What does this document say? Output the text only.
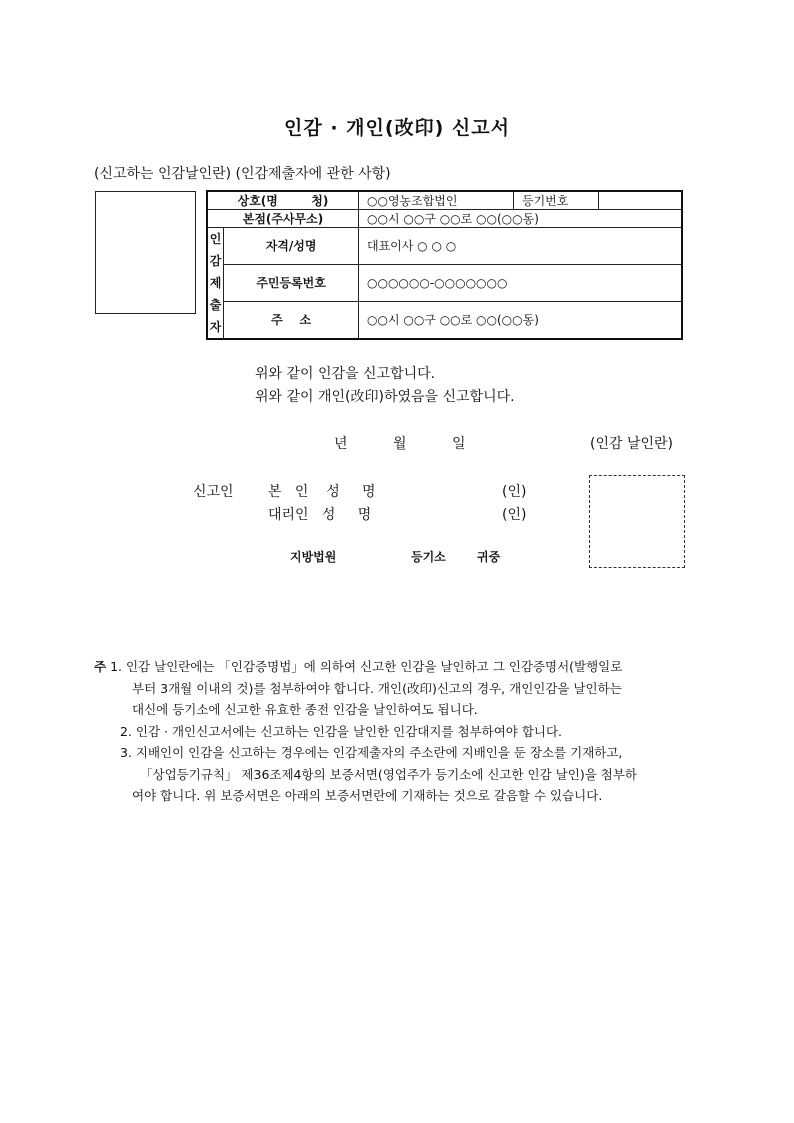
인감 · 개인(改印) 신고서
(신고하는 인감날인란) (인감제출자에 관한 사항)
상호(명        청)		○○영농조합법인	등기번호	
본점(주사무소)		○○시 ○○구 ○○로 ○○(○○동)		
인
감
제
출
자	자격/성명	대표이사 ○ ○ ○		
	주민등록번호	○○○○○○-○○○○○○○		
	주    소	○○시 ○○구 ○○로 ○○(○○동)		
위와 같이 인감을 신고합니다.
위와 같이 개인(改印)하였음을 신고합니다.
년	월	일	(인감 날인란)
신고인 본   인    성     명	(인)
대리인   성     명	(인)
지방법원	등기소	귀중
주 1. 인감 날인란에는 「인감증명법」에 의하여 신고한 인감을 날인하고 그 인감증명서(발행일로
부터 3개월 이내의 것)를 첨부하여야 합니다. 개인(改印)신고의 경우, 개인인감을 날인하는
대신에 등기소에 신고한 유효한 종전 인감을 날인하여도 됩니다.
2. 인감 · 개인신고서에는 신고하는 인감을 날인한 인감대지를 첨부하여야 합니다.
3. 지배인이 인감을 신고하는 경우에는 인감제출자의 주소란에 지배인을 둔 장소를 기재하고,
「상업등기규칙」 제36조제4항의 보증서면(영업주가 등기소에 신고한 인감 날인)을 첨부하
여야 합니다. 위 보증서면은 아래의 보증서면란에 기재하는 것으로 갈음할 수 있습니다.
